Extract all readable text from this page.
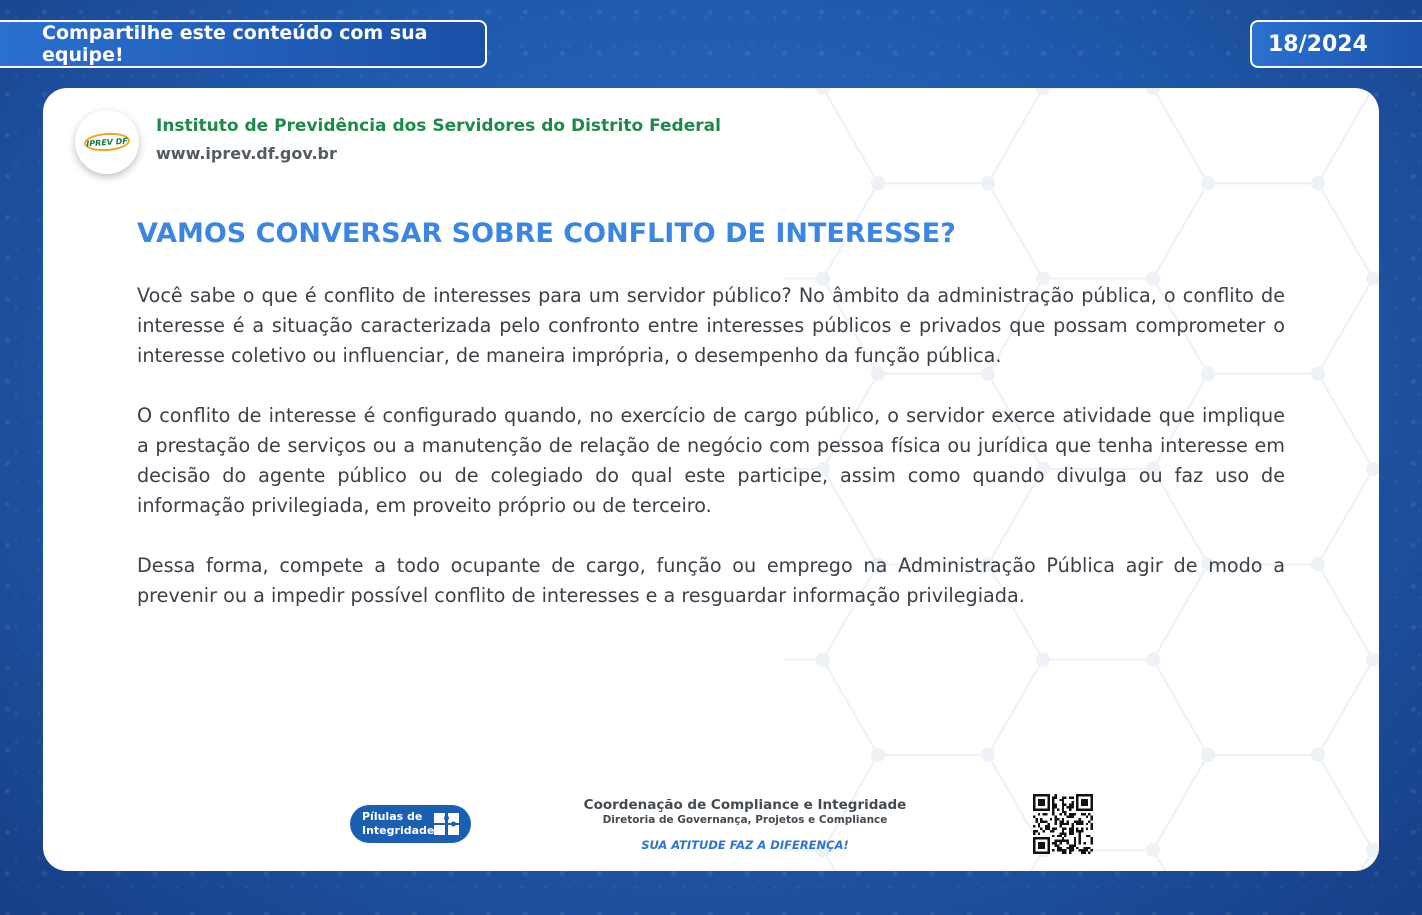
Compartilhe este conteúdo com sua equipe!	18/2024
IPREV DF
Instituto de Previdência dos Servidores do Distrito Federal
www.iprev.df.gov.br
VAMOS CONVERSAR SOBRE CONFLITO DE INTERESSE?

Você sabe o que é conflito de interesses para um servidor público? No âmbito da administração pública, o conflito de interesse é a situação caracterizada pelo confronto entre interesses públicos e privados que possam comprometer o interesse coletivo ou influenciar, de maneira imprópria, o desempenho da função pública.

O conflito de interesse é configurado quando, no exercício de cargo público, o servidor exerce atividade que implique a prestação de serviços ou a manutenção de relação de negócio com pessoa física ou jurídica que tenha interesse em decisão do agente público ou de colegiado do qual este participe, assim como quando divulga ou faz uso de informação privilegiada, em proveito próprio ou de terceiro.

Dessa forma, compete a todo ocupante de cargo, função ou emprego na Administração Pública agir de modo a prevenir ou a impedir possível conflito de interesses e a resguardar informação privilegiada.

Pílulas de
Integridade
Coordenação de Compliance e Integridade
Diretoria de Governança, Projetos e Compliance
SUA ATITUDE FAZ A DIFERENÇA!
